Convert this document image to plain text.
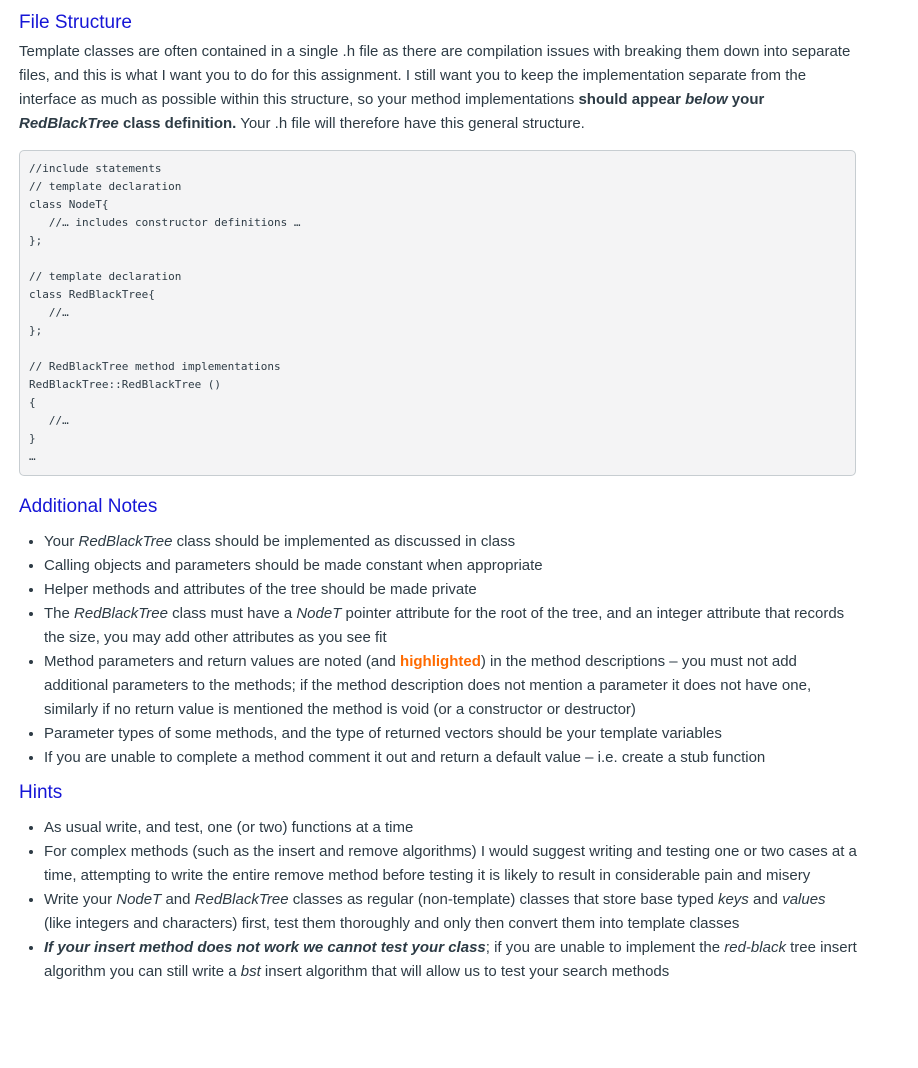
File Structure

Template classes are often contained in a single .h file as there are compilation issues with breaking them down into separate files, and this is what I want you to do for this assignment. I still want you to keep the implementation separate from the interface as much as possible within this structure, so your method implementations should appear below your RedBlackTree class definition. Your .h file will therefore have this general structure.

//include statements
// template declaration
class NodeT{
//… includes constructor definitions …
};

// template declaration
class RedBlackTree{
//…
};

// RedBlackTree method implementations
RedBlackTree::RedBlackTree ()
{
//…
}
…
Additional Notes
• Your RedBlackTree class should be implemented as discussed in class
• Calling objects and parameters should be made constant when appropriate
• Helper methods and attributes of the tree should be made private
• The RedBlackTree class must have a NodeT pointer attribute for the root of the tree, and an integer attribute that records the size, you may add other attributes as you see fit
• Method parameters and return values are noted (and highlighted) in the method descriptions – you must not add additional parameters to the methods; if the method description does not mention a parameter it does not have one, similarly if no return value is mentioned the method is void (or a constructor or destructor)
• Parameter types of some methods, and the type of returned vectors should be your template variables
• If you are unable to complete a method comment it out and return a default value – i.e. create a stub function
Hints
• As usual write, and test, one (or two) functions at a time
• For complex methods (such as the insert and remove algorithms) I would suggest writing and testing one or two cases at a time, attempting to write the entire remove method before testing it is likely to result in considerable pain and misery
• Write your NodeT and RedBlackTree classes as regular (non-template) classes that store base typed keys and values (like integers and characters) first, test them thoroughly and only then convert them into template classes
• If your insert method does not work we cannot test your class; if you are unable to implement the red-black tree insert algorithm you can still write a bst insert algorithm that will allow us to test your search methods
